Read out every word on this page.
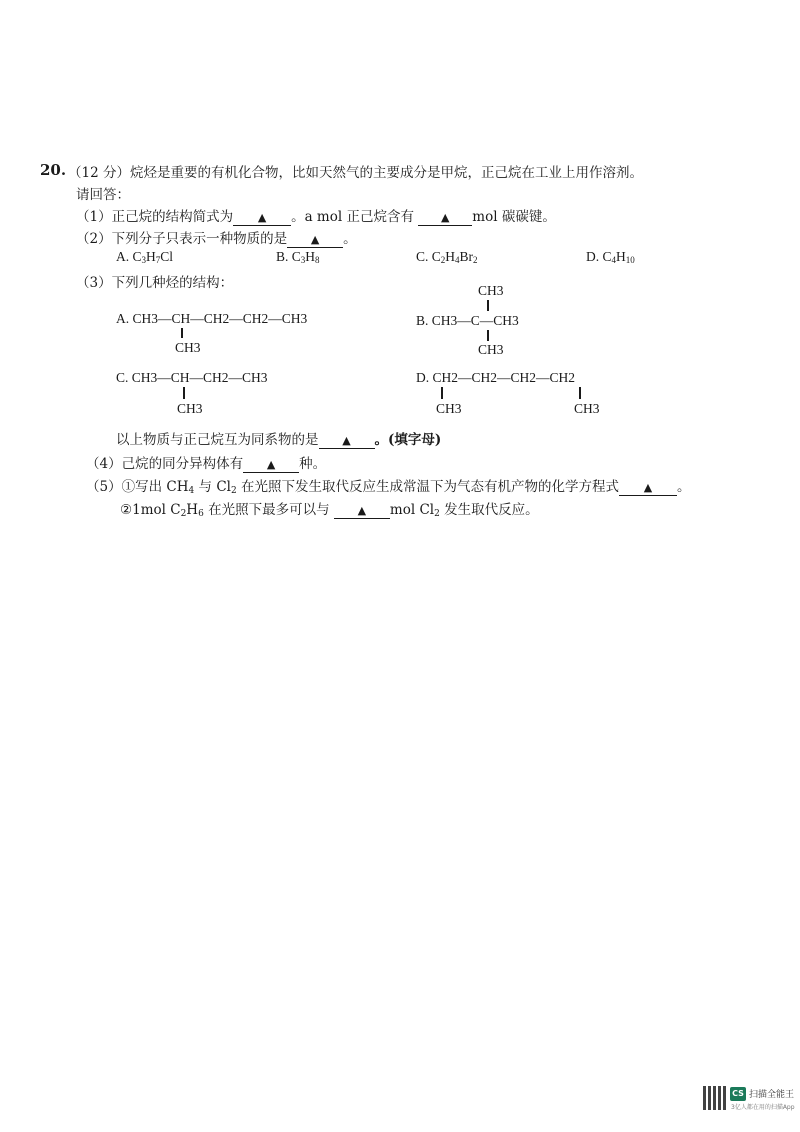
20. （12 分）烷烃是重要的有机化合物，比如天然气的主要成分是甲烷，正己烷在工业上用作溶剂。
请回答：
（1）正己烷的结构简式为 ▲ 。a mol 正己烷含有 ▲ mol 碳碳键。
（2）下列分子只表示一种物质的是 ▲ 。
A. $C_3H_7Cl$	B. $C_3H_8$	C. $C_2H_4Br_2$	D. $C_4H_{10}$
（3）下列几种烃的结构：
A. CH3—CH—CH2—CH2—CH3
CH3
CH3
B. CH3—C—CH3
CH3
C. CH3—CH—CH2—CH3
CH3
D. CH2—CH2—CH2—CH2
CH3	CH3
以上物质与正己烷互为同系物的是 ▲ 。(填字母)
（4）己烷的同分异构体有 ▲ 种。
（5）①写出 $CH_4$ 与 $Cl_2$ 在光照下发生取代反应生成常温下为气态有机产物的化学方程式 ▲ 。
②1mol $C_2H_6$ 在光照下最多可以与	▲ mol $Cl_2$ 发生取代反应。
CS 扫描全能王
3亿人都在用的扫描App
